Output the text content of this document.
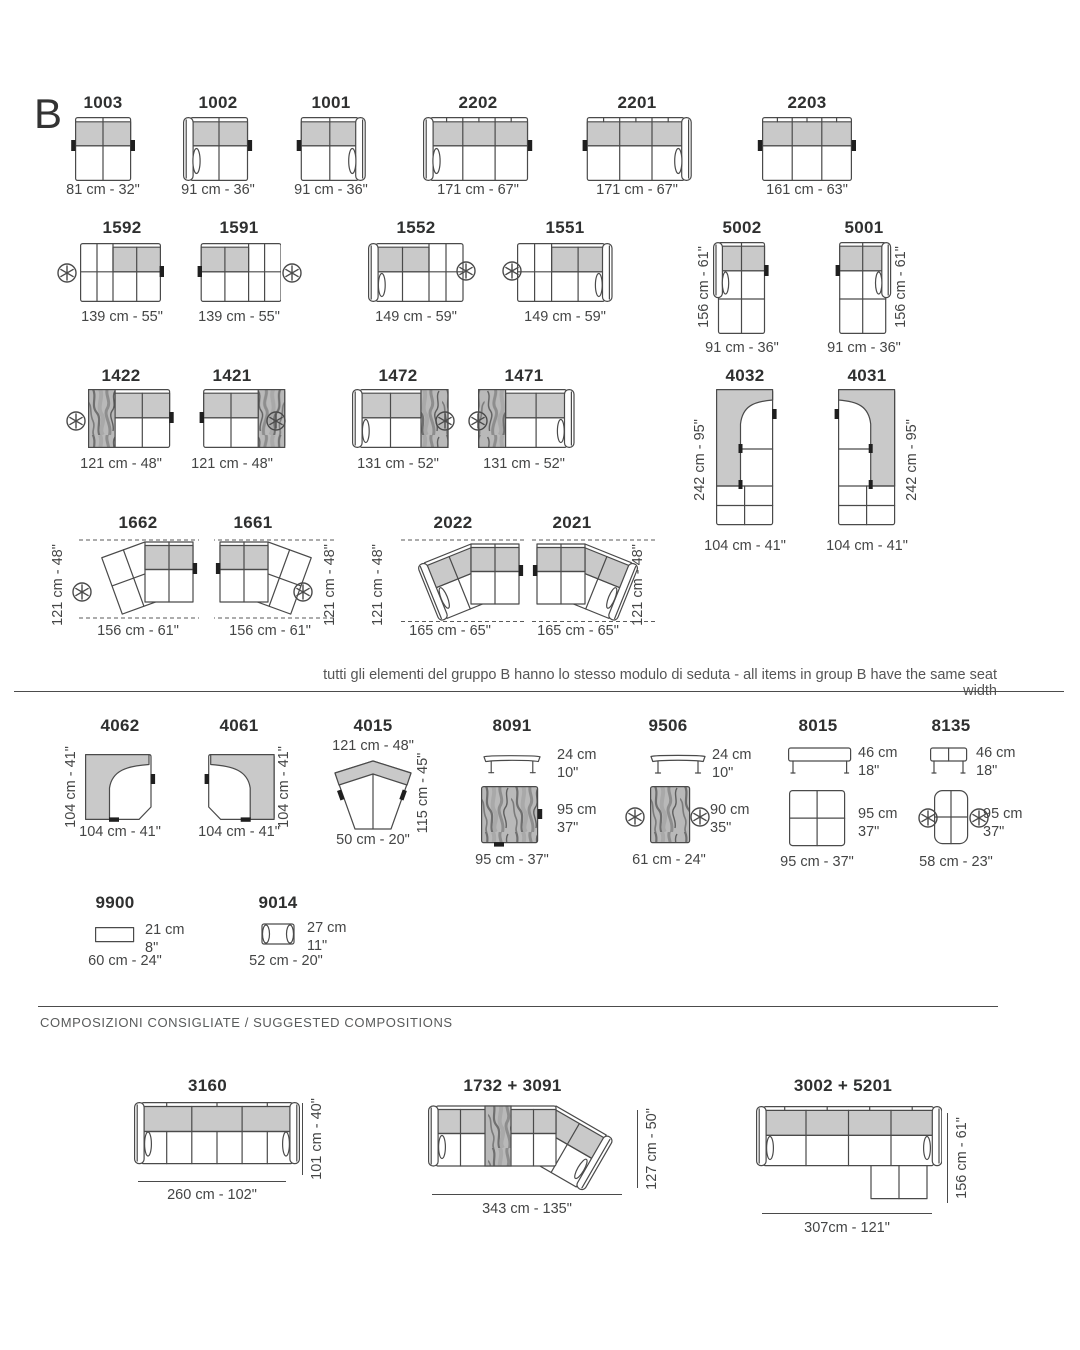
B	1003
81 cm - 32"
1002
91 cm - 36"
1001
91 cm - 36"
2202
171 cm - 67"
2201
171 cm - 67"
2203
161 cm - 63"
1592
139 cm - 55"
1591
139 cm - 55"
1552
149 cm - 59"
1551
149 cm - 59"
5002
156 cm - 61"
91 cm - 36"
5001
156 cm - 61"
91 cm - 36"
1422
121 cm - 48"
1421
121 cm - 48"
1472
131 cm - 52"
1471
131 cm - 52"
4032
242 cm - 95"
104 cm - 41"
4031
242 cm - 95"
104 cm - 41"
1662
121 cm - 48"
156 cm - 61"
1661
121 cm - 48"
156 cm - 61"
2022
121 cm - 48"
165 cm - 65"
2021
121 cm - 48"
165 cm - 65"
tutti gli elementi del gruppo B hanno lo stesso modulo di seduta - all items in group B have the same seat width
4062
104 cm - 41"
104 cm - 41"
4061
104 cm - 41"
104 cm - 41"
4015
121 cm - 48"
115 cm - 45"
50 cm - 20"
8091
24 cm
10"
95 cm
37"
95 cm - 37"
9506
24 cm
10"
90 cm
35"
61 cm - 24"
8015
46 cm
18"
95 cm
37"
95 cm - 37"
8135
46 cm
18"
95 cm
37"
58 cm - 23"
9900
21 cm
8"
60 cm - 24"
9014
27 cm
11"
52 cm - 20"
COMPOSIZIONI CONSIGLIATE / SUGGESTED COMPOSITIONS
3160
260 cm - 102"
101 cm - 40"
1732 + 3091
343 cm - 135"
127 cm - 50"
3002 + 5201
307cm - 121"
156 cm - 61"
